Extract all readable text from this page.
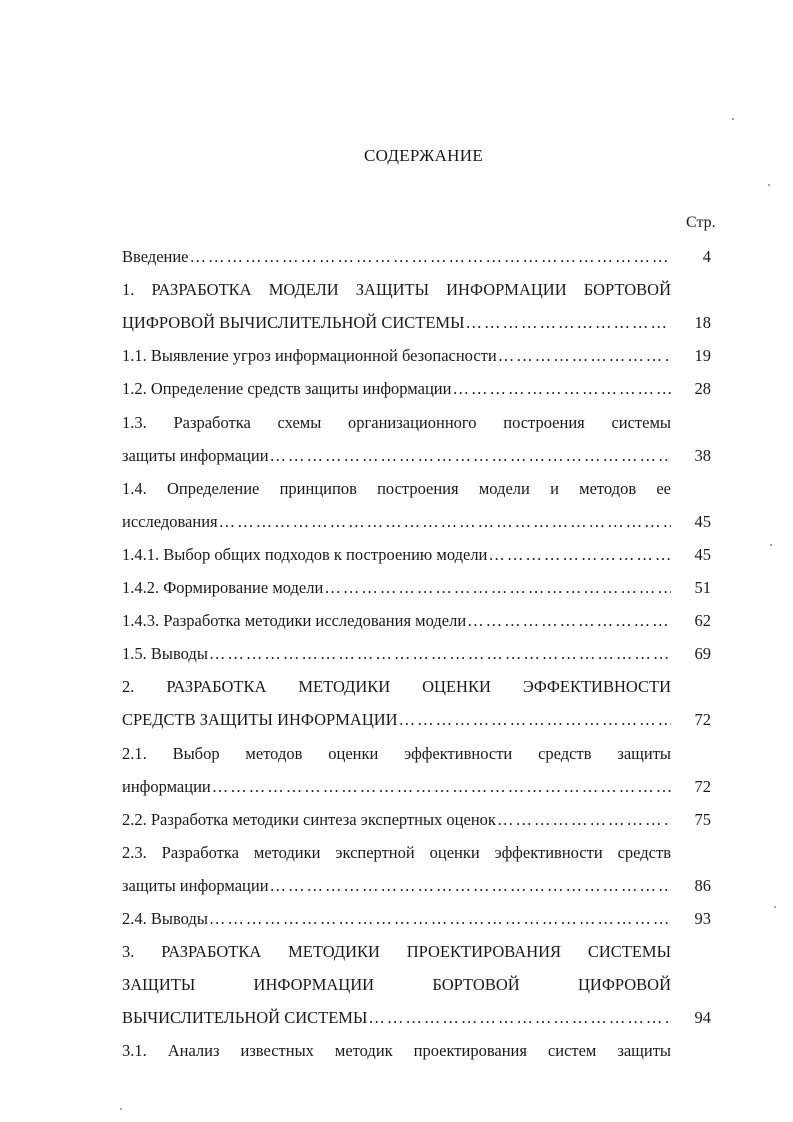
СОДЕРЖАНИЕ
Стр.
Введение
……………………………………………………………………………………………………………………………………………
1. РАЗРАБОТКА МОДЕЛИ ЗАЩИТЫ ИНФОРМАЦИИ БОРТОВОЙ
ЦИФРОВОЙ ВЫЧИСЛИТЕЛЬНОЙ СИСТЕМЫ
……………………………………………………………………………………………………………………………………………
1.1. Выявление угроз информационной безопасности
……………………………………………………………………………………………………………………………………………
1.2. Определение средств защиты информации
……………………………………………………………………………………………………………………………………………
1.3. Разработка схемы организационного построения системы
защиты информации
……………………………………………………………………………………………………………………………………………
1.4. Определение принципов построения модели и методов ее
исследования
……………………………………………………………………………………………………………………………………………
1.4.1. Выбор общих подходов к построению модели
……………………………………………………………………………………………………………………………………………
1.4.2. Формирование модели
……………………………………………………………………………………………………………………………………………
1.4.3. Разработка методики исследования модели
……………………………………………………………………………………………………………………………………………
1.5. Выводы
……………………………………………………………………………………………………………………………………………
2. РАЗРАБОТКА МЕТОДИКИ ОЦЕНКИ ЭФФЕКТИВНОСТИ
СРЕДСТВ ЗАЩИТЫ ИНФОРМАЦИИ
……………………………………………………………………………………………………………………………………………
2.1. Выбор методов оценки эффективности средств защиты
информации
……………………………………………………………………………………………………………………………………………
2.2. Разработка методики синтеза экспертных оценок
……………………………………………………………………………………………………………………………………………
2.3. Разработка методики экспертной оценки эффективности средств
защиты информации
……………………………………………………………………………………………………………………………………………
2.4. Выводы
……………………………………………………………………………………………………………………………………………
3. РАЗРАБОТКА МЕТОДИКИ ПРОЕКТИРОВАНИЯ СИСТЕМЫ
ЗАЩИТЫ ИНФОРМАЦИИ БОРТОВОЙ ЦИФРОВОЙ
ВЫЧИСЛИТЕЛЬНОЙ СИСТЕМЫ
……………………………………………………………………………………………………………………………………………
3.1. Анализ известных методик проектирования систем защиты
4
18
19
28
38
45
45
51
62
69
72
72
75
86
93
94
